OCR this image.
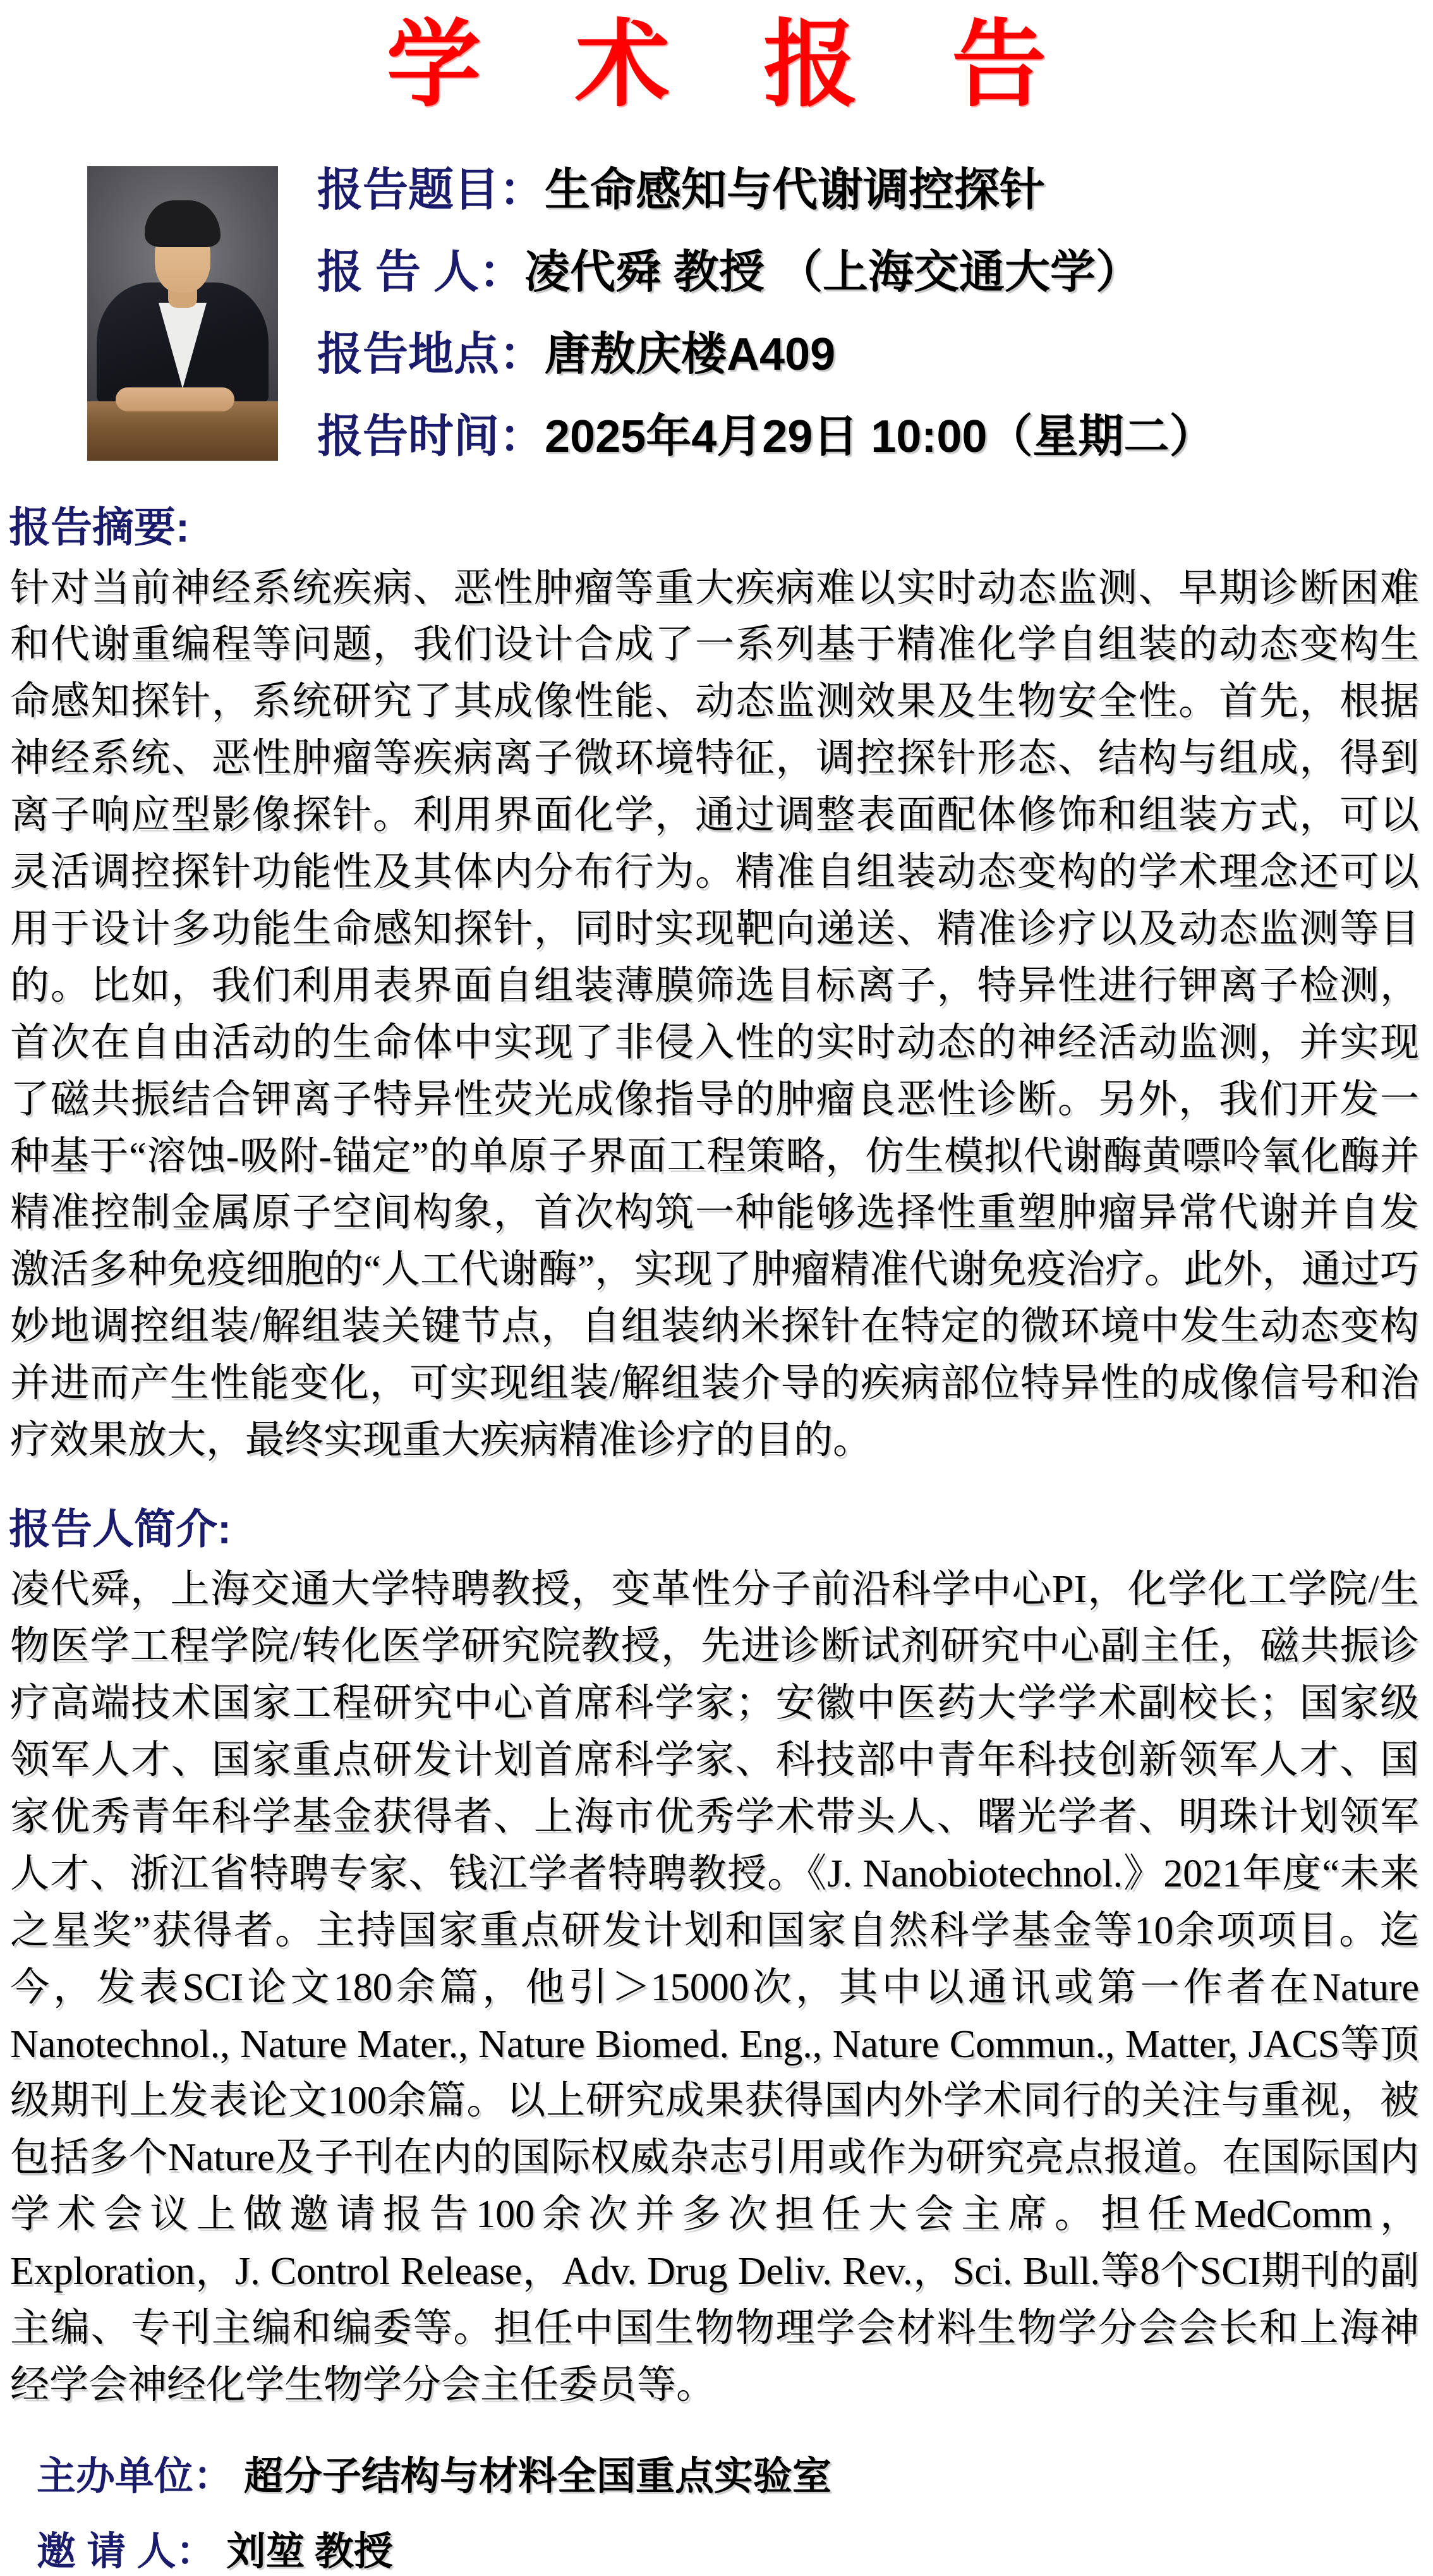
学 术 报 告
报告题目： 生命感知与代谢调控探针
报 告 人： 凌代舜 教授 （上海交通大学）
报告地点： 唐敖庆楼A409
报告时间： 2025年4月29日 10:00（星期二）
报告摘要:
针对当前神经系统疾病、恶性肿瘤等重大疾病难以实时动态监测、早期诊断困难和代谢重编程等问题，我们设计合成了一系列基于精准化学自组装的动态变构生命感知探针，系统研究了其成像性能、动态监测效果及生物安全性。首先，根据神经系统、恶性肿瘤等疾病离子微环境特征，调控探针形态、结构与组成，得到离子响应型影像探针。利用界面化学，通过调整表面配体修饰和组装方式，可以灵活调控探针功能性及其体内分布行为。精准自组装动态变构的学术理念还可以用于设计多功能生命感知探针，同时实现靶向递送、精准诊疗以及动态监测等目的。比如，我们利用表界面自组装薄膜筛选目标离子，特异性进行钾离子检测，首次在自由活动的生命体中实现了非侵入性的实时动态的神经活动监测，并实现了磁共振结合钾离子特异性荧光成像指导的肿瘤良恶性诊断。另外，我们开发一种基于“溶蚀-吸附-锚定”的单原子界面工程策略，仿生模拟代谢酶黄嘌呤氧化酶并精准控制金属原子空间构象，首次构筑一种能够选择性重塑肿瘤异常代谢并自发激活多种免疫细胞的“人工代谢酶”，实现了肿瘤精准代谢免疫治疗。此外，通过巧妙地调控组装/解组装关键节点，自组装纳米探针在特定的微环境中发生动态变构并进而产生性能变化，可实现组装/解组装介导的疾病部位特异性的成像信号和治疗效果放大，最终实现重大疾病精准诊疗的目的。
报告人简介:
凌代舜，上海交通大学特聘教授，变革性分子前沿科学中心PI，化学化工学院/生物医学工程学院/转化医学研究院教授，先进诊断试剂研究中心副主任，磁共振诊疗高端技术国家工程研究中心首席科学家；安徽中医药大学学术副校长；国家级领军人才、国家重点研发计划首席科学家、科技部中青年科技创新领军人才、国家优秀青年科学基金获得者、上海市优秀学术带头人、曙光学者、明珠计划领军人才、浙江省特聘专家、钱江学者特聘教授。《J. Nanobiotechnol.》2021年度“未来之星奖”获得者。主持国家重点研发计划和国家自然科学基金等10余项项目。迄今，发表SCI论文180余篇，他引＞15000次，其中以通讯或第一作者在Nature Nanotechnol., Nature Mater., Nature Biomed. Eng., Nature Commun., Matter, JACS等顶级期刊上发表论文100余篇。以上研究成果获得国内外学术同行的关注与重视，被包括多个Nature及子刊在内的国际权威杂志引用或作为研究亮点报道。在国际国内学术会议上做邀请报告100余次并多次担任大会主席。担任MedComm， Exploration，J. Control Release，Adv. Drug Deliv. Rev.，Sci. Bull.等8个SCI期刊的副主编、专刊主编和编委等。担任中国生物物理学会材料生物学分会会长和上海神经学会神经化学生物学分会主任委员等。
主办单位： 超分子结构与材料全国重点实验室
邀 请 人： 刘堃 教授
